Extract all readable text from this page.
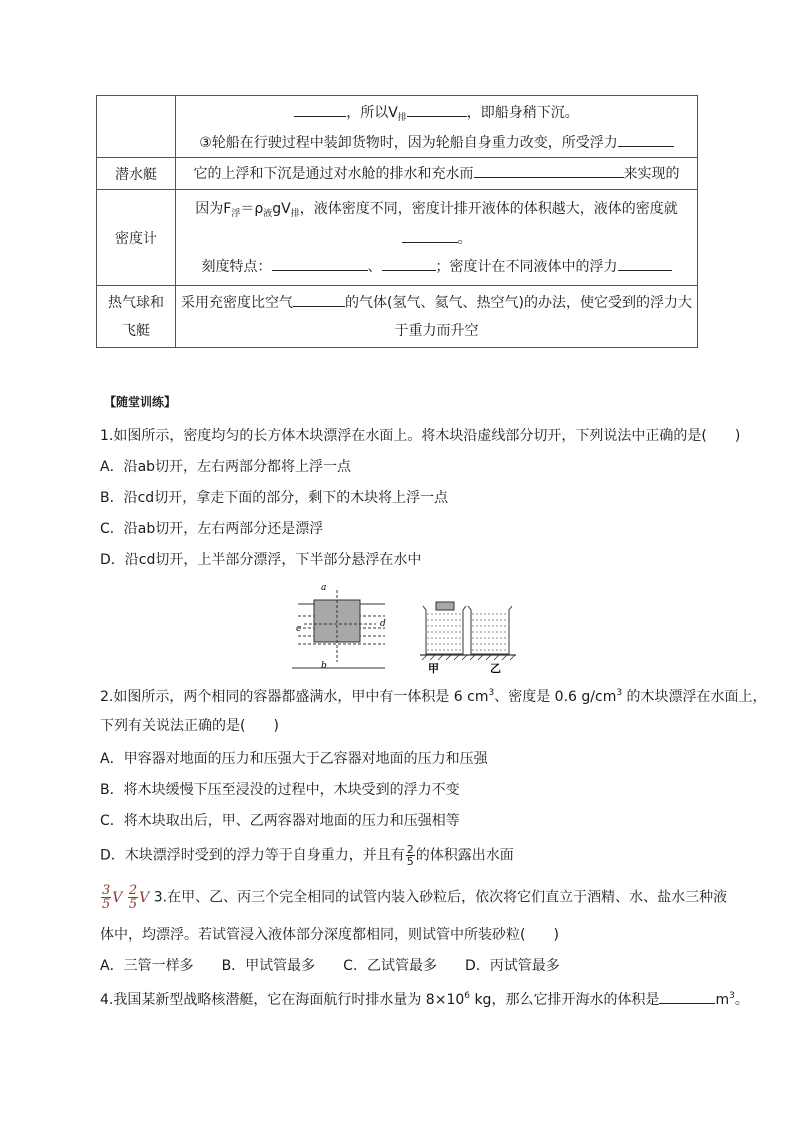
	，所以$V_排$ ，即船身稍下沉。
③轮船在行驶过程中装卸货物时，因为轮船自身重力改变，所受浮力

潜水艇	它的上浮和下沉是通过对水舱的排水和充水而 来实现的

密度计	因为$F_浮=\rho_液gV_排$，液体密度不同，密度计排开液体的体积越大，液体的密度就
。
刻度特点： 、 ；密度计在不同液体中的浮力

热气球和
飞艇	采用充密度比空气 的气体(氢气、氦气、热空气)的办法，使它受到的浮力大
于重力而升空
【随堂训练】
1.如图所示，密度均匀的长方体木块漂浮在水面上。将木块沿虚线部分切开，下列说法中正确的是(　　)
A．沿ab切开，左右两部分都将上浮一点
B．沿cd切开，拿走下面的部分，剩下的木块将上浮一点
C．沿ab切开，左右两部分还是漂浮
D．沿cd切开，上半部分漂浮，下半部分悬浮在水中
a
b
c	d
甲	乙
2.如图所示，两个相同的容器都盛满水，甲中有一体积是 6 $cm^3$、密度是 0.6 $g/cm^3$ 的木块漂浮在水面上，
下列有关说法正确的是(　　)
A．甲容器对地面的压力和压强大于乙容器对地面的压力和压强
B．将木块缓慢下压至浸没的过程中，木块受到的浮力不变
C．将木块取出后，甲、乙两容器对地面的压力和压强相等
D．木块漂浮时受到的浮力等于自身重力，并且有 $\frac{2}{5}$ 的体积露出水面
$\frac{3}{5}$ V $\frac{2}{5}$ V 3.在甲、乙、丙三个完全相同的试管内装入砂粒后，依次将它们直立于酒精、水、盐水三种液
体中，均漂浮。若试管浸入液体部分深度都相同，则试管中所装砂粒(　　)
A．三管一样多　　B．甲试管最多　　C．乙试管最多　　D．丙试管最多
4.我国某新型战略核潜艇，它在海面航行时排水量为 $8\times 10^6$ kg，那么它排开海水的体积是	$m^3$。
